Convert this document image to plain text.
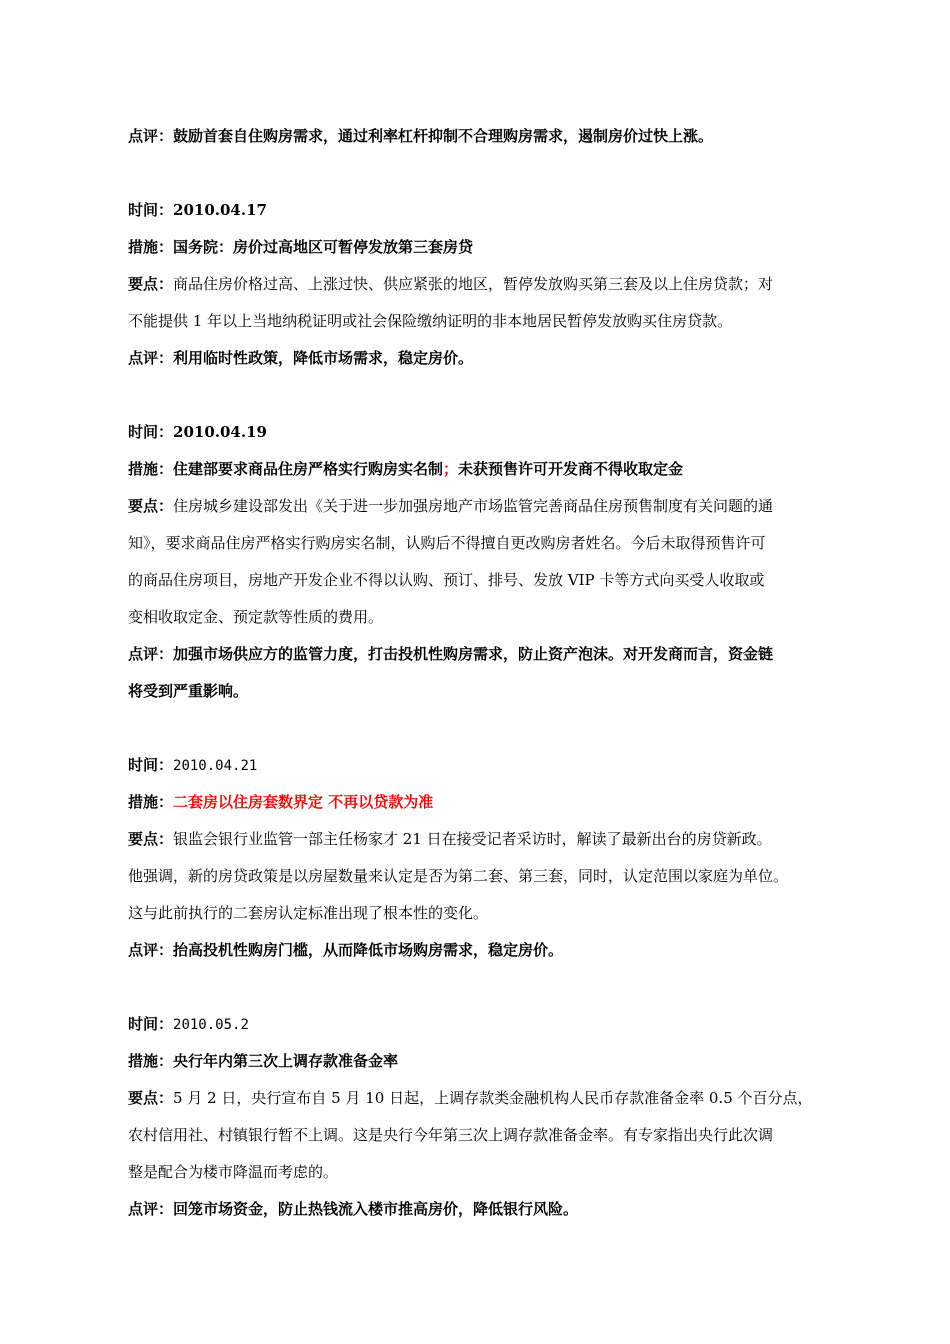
点评：鼓励首套自住购房需求，通过利率杠杆抑制不合理购房需求，遏制房价过快上涨。
时间：2010.04.17
措施：国务院：房价过高地区可暂停发放第三套房贷
要点：商品住房价格过高、上涨过快、供应紧张的地区，暂停发放购买第三套及以上住房贷款；对
不能提供 1 年以上当地纳税证明或社会保险缴纳证明的非本地居民暂停发放购买住房贷款。
点评：利用临时性政策，降低市场需求，稳定房价。
时间：2010.04.19
措施：住建部要求商品住房严格实行购房实名制；未获预售许可开发商不得收取定金
要点：住房城乡建设部发出《关于进一步加强房地产市场监管完善商品住房预售制度有关问题的通
知》，要求商品住房严格实行购房实名制，认购后不得擅自更改购房者姓名。今后未取得预售许可
的商品住房项目，房地产开发企业不得以认购、预订、排号、发放 VIP 卡等方式向买受人收取或
变相收取定金、预定款等性质的费用。
点评：加强市场供应方的监管力度，打击投机性购房需求，防止资产泡沫。对开发商而言，资金链
将受到严重影响。
时间：2010.04.21
措施：二套房以住房套数界定 不再以贷款为准
要点：银监会银行业监管一部主任杨家才 21 日在接受记者采访时，解读了最新出台的房贷新政。
他强调，新的房贷政策是以房屋数量来认定是否为第二套、第三套，同时，认定范围以家庭为单位。
这与此前执行的二套房认定标准出现了根本性的变化。
点评：抬高投机性购房门槛，从而降低市场购房需求，稳定房价。
时间：2010.05.2
措施：央行年内第三次上调存款准备金率
要点：5 月 2 日，央行宣布自 5 月 10 日起，上调存款类金融机构人民币存款准备金率 0.5 个百分点，
农村信用社、村镇银行暂不上调。这是央行今年第三次上调存款准备金率。有专家指出央行此次调
整是配合为楼市降温而考虑的。
点评：回笼市场资金，防止热钱流入楼市推高房价，降低银行风险。
